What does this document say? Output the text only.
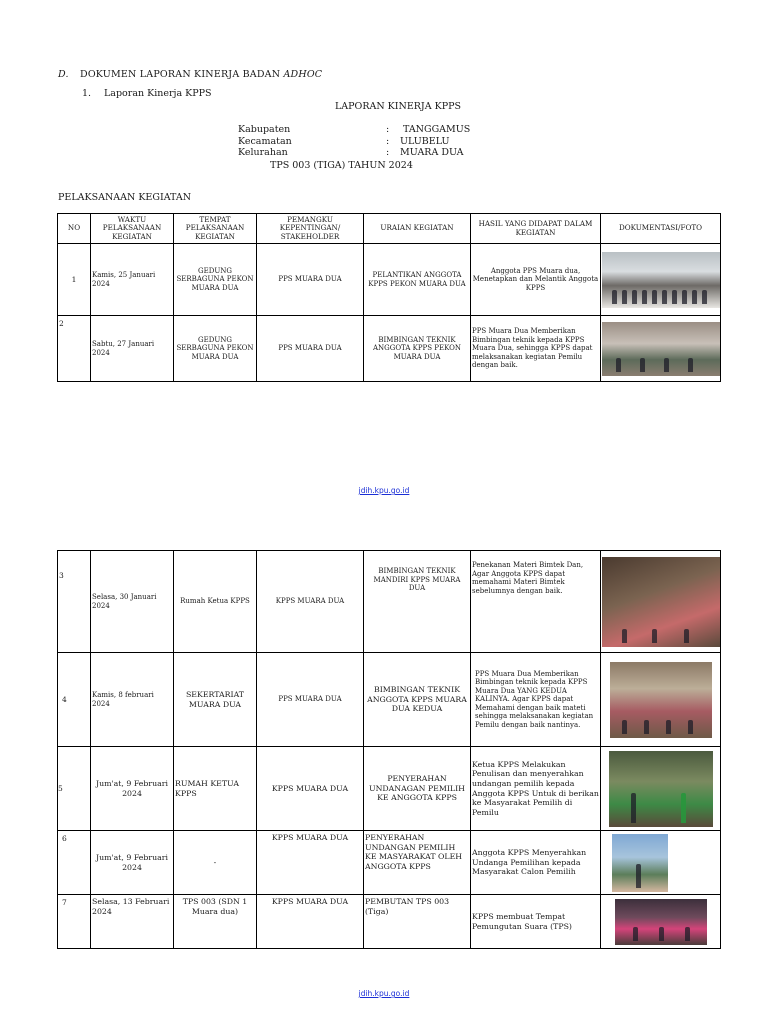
D. DOKUMEN LAPORAN KINERJA BADAN ADHOC
1. Laporan Kinerja KPPS
LAPORAN KINERJA KPPS
Kabupaten	:	TANGGAMUS
Kecamatan	:	ULUBELU
Kelurahan	:	MUARA DUA
TPS 003 (TIGA) TAHUN 2024
PELAKSANAAN KEGIATAN
NO	WAKTU PELAKSANAAN KEGIATAN	TEMPAT PELAKSANAAN KEGIATAN	PEMANGKU KEPENTINGAN/ STAKEHOLDER	URAIAN KEGIATAN	HASIL YANG DIDAPAT DALAM KEGIATAN	DOKUMENTASI/FOTO
1	Kamis, 25 Januari 2024	GEDUNG SERBAGUNA PEKON MUARA DUA	PPS MUARA DUA	PELANTIKAN ANGGOTA KPPS PEKON MUARA DUA	Anggota PPS Muara dua, Menetapkan dan Melantik Anggota KPPS	

2	Sabtu, 27 Januari 2024	GEDUNG SERBAGUNA PEKON MUARA DUA	PPS MUARA DUA	BIMBINGAN TEKNIK ANGGOTA KPPS PEKON MUARA DUA	PPS Muara Dua Memberikan Bimbingan teknik kepada KPPS Muara Dua, sehingga KPPS dapat melaksanakan kegiatan Pemilu dengan baik.	
jdih.kpu.go.id
3	Selasa, 30 Januari 2024	Rumah Ketua KPPS	KPPS MUARA DUA	BIMBINGAN TEKNIK MANDIRI KPPS MUARA DUA	Penekanan Materi Bimtek Dan, Agar Anggota KPPS dapat memahami Materi Bimtek sebelumnya dengan baik.	

4	Kamis, 8 februari 2024	SEKERTARIAT MUARA DUA	PPS MUARA DUA	BIMBINGAN TEKNIK ANGGOTA KPPS MUARA DUA KEDUA	PPS Muara Dua Memberikan Bimbingan teknik kepada KPPS Muara Dua YANG KEDUA KALINYA. Agar KPPS dapat Memahami dengan baik mateti sehingga melaksanakan kegiatan Pemilu dengan baik nantinya.	

5	Jum'at, 9 Februari 2024	RUMAH KETUA KPPS	KPPS MUARA DUA	PENYERAHAN UNDANAGAN PEMILIH KE ANGGOTA KPPS	Ketua KPPS Melakukan Penulisan dan menyerahkan undangan pemilih kepada Anggota KPPS Untuk di berikan ke Masyarakat Pemilih di Pemilu	

6	Jum'at, 9 Februari 2024	-	KPPS MUARA DUA	PENYERAHAN UNDANGAN PEMILIH KE MASYARAKAT OLEH ANGGOTA KPPS	Anggota KPPS Menyerahkan Undanga Pemilihan kepada Masyarakat Calon Pemilih	

7	Selasa, 13 Februari 2024	TPS 003 (SDN 1 Muara dua)	KPPS MUARA DUA	PEMBUTAN TPS 003 (Tiga)	KPPS membuat Tempat Pemungutan Suara (TPS)	
jdih.kpu.go.id
